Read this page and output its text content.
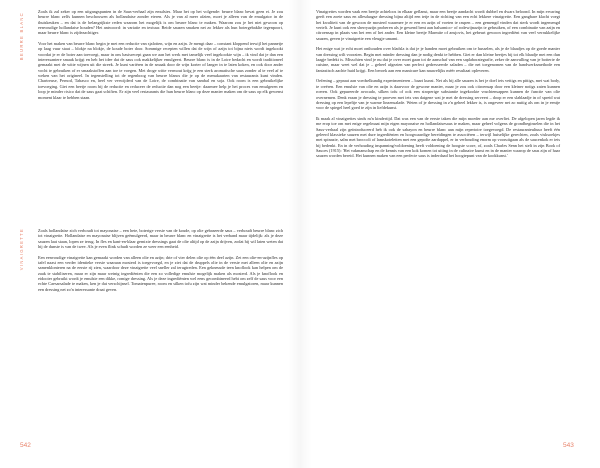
BEURRE BLANC
VINAIGRETTE

Zoals ik zal zeker op een uitgangspunten in de Saus-verhaal zijn emulsies. Maar het op het volgende: beurre blanc bevat geen ei. Je zou beurre blanc zelfs kunnen beschouwen als hollandaise zonder eieren. Als je van al meer afzien, moet je alleen van de emulgator in de thuiskeuken – en dat is de belangrijkste reden waarom het mogelijk is om beurre blanc te maken. Waarom zou je het niet gewoon op eenvoudige hollandaise houden? Het antwoord: in variatie en textuur. Beide sauzen smaken net zo lekker als hun botergebaklte tegenpoort, maar beurre blanc is zijdezachtiger.

Voor het maken van beurre blanc begin je met een reductie van sjalotten, wijn en azijn. Je mengt daar – constant kloppend terwijl het pannetje op laag vuur staat – blokje na blokje, de koude boter door. Sommige recepten willen dat de wijn of azijn tot bijna niets wordt ingekookt voordat je er de boter aan toevoegt, maar in ons basisrecept gaan we aan het werk met tamelijk veel ingekookte wijn – ik vind dat je dan een interessantere smaak krijgt en heb het idee dat de saus ook makkelijker emulgeert. Beurre blanc is in de Loire bedacht en wordt traditioneel gemaakt met de witte wijnen uit die streek. Je kunt variëren in de smaak door de wijn korter of langer in te laten koken, en ook door ander vocht te gebruiken of er smaakstoffen aan toe te voegen. Met droge witte vermout krijg je een sterk aromatische saus zonder al te veel af te weken van het origineel. In tegenstelling tot de regenboog van beurre blancs die je op de menukaarten van restaurants kunt vinden. Chartreuse, Pernod, Tabasco en, heel ver verwijderd van de Loire, de combinatie van sambal en soja. Ook room is een gebruikelijke toevoeging. Giet een beetje room bij de reductie en reduceer de reductie dan nog een beetje: daarmee help je het proces van emulgeren en loop je minder risico dat de saus gaat schiften. Er zijn veel restaurants die hun beurre blanc op deze manier maken om de saus op elk gewenst moment klaar te hebben staan.

Zoals hollandaise zich verhoudt tot mayonaise – een hete, boterige versie van de koude, op olie gebaseerde saus – verhoudt beurre blanc zich tot vinaigrette. Hollandaise en mayonaise blijven geëmulgeerd, maar in beurre blanc en vinaigrette is het verband maar tijdelijk: als je deze sauzen laat staan, lopen ze terug. In fles en kant-en-klaar gemixte dressings gaat de olie altijd op de azijn drijven, zodat hij wil laten weten dat hij de dunste is van de twee. Als je even flink schudt worden ze weer een eenheid.

Een eenvoudige vinaigrette kan gemaakt worden van alleen olie en azijn; drie of vier delen olie op één deel azijn. Zet een olie-en-azijnfles op tafel naast een verder identieke versie waaraan mosterd is toegevoegd, en je ziet dat de druppels olie in de versie met alleen olie en azijn samenklonteren na de eerste rij zien, waardoor deze vinaigrette veel sneller zal terugtreden. Een gekneusde teen knoflook kan helpen om de zaak te stabiliseren, maar er zijn maar weinig ingrediënten die een zo volledige emulsie mogelijk maken als mosterd. Als je knoflook en eidooier gebruikt wordt je emulsie een dikke, romige dressing. Als je deze ingrediënten wel eens gecombineerd hebt om zelf de saus voor een echte Caesarsalade te maken, ken je dat verschijnsel. Tomatenpuree, room en silken tofu zijn wat minder bekende emulgatoren, maar kunnen een dressing net zo'n interessante draai geven.

Vinaigrettes worden vaak een beetje achteloos in elkaar geflanst, maar een beetje aandacht wordt dubbel en dwars beloond. In mijn ervaring geeft een zoete saus en allesdaagse dressing bijna altijd een tetje in de richting van een echt lekkere vinaigrette. Een gangbare klacht voegt het kwaliteit van de gewoon de mosterd waarmee je er een en azijn of voeten te raspen – een gemengd vinden dat sterk wordt ingemengd vertelt. Je kunt ook een sherryazijn proberen als je gewend bent aan balsamico- of rodewijnazijn te gebruiken, of een combinatie van azijn en citroensap in plaats van het een of het ander. Een kleine beetje Marmite of ansjovis, het gebeurt gewoon ingrediënt van veel verrukkelijke sauzen, geven je vinaigrette een vleugje umami.

Het enige wat je echt moet onthouden over bladsla is dat je je handen moet gebruiken om te husselen, als je de blaadjes op de goede manier van dressing wilt voorzien. Begin met minder dressing dan je nodig denkt te hebben. Giet er dan kleine beetjes bij tot elk blaadje met een dun laagje bedekt is. Misschien vind je nu dat je over moet gaan tot de aanschaf van een saplaborategrafie, zeker de aanvulling van je botterie de cuisine, maar weet wel dat je – geheel afgezien van perfect gedresseerde saladen – die net toegenomen van de handwerksmethode een fantastisch aachte huid krijgt. Een beroek aan een manicure kan nauwelijks méér resultaat opleveren.

Oefening – gepraat aan voedselkundig experimenteren – baart kunst. Net als bij alle sauzen is het je doel iets vettigs en pittigs, met wat body, te creëren. Een emulsie van olie en azijn is daarvoor de gewone manier, maar je zou ook citroensap door een kleiner notigs zaten kunnen roeren. Ook gepureerde avocado, silken tofu of ook een stroperige substantie ingekookte vruchtensappen kunnen de functie van olie overnemen. Denk eraan je dressing te proeven met iets van datgene wat je met de dressing serveert – doop er een slablaadje in of spreid wat dressing op een lepeltje van je warme linzensalade. Weten of je dressing in z'n geheel lekker is, is ongeveer net zo nuttig als om in je eentje voor de spiegel heel goed te zijn in liefdekunst.

Ik maak al vinaigrettes sinds m'n kindertijd. Dat was een van de eerste taken die mijn moeder aan me overliet. De afgelopen jaren legde ik me erop toe om met enige regelmaat mijn eigen mayonaise en hollandaisesaus te maken, maar geheel volgens de grondbeginselen die in het Saus-verhaal zijn geïntroduceerd heb ik ook de sabayon en beurre blanc aan mijn repertoire toegevoegd. De restauranteultuur heeft één geleerd klassieke sauzen met dure ingrediënten en hoogwaardige bereidingen te associëren – terwijl huiselijke gerechten, zoals visksoekjes met spinazie, salm met broccoli of lamskoteletten met een gepofte aardappel, er in verhouding enorm op vooruitgaan als de saucenkok er iets bij bedenkt. En in de verhouding inspanning/voldoening heeft voldoening de hoogste score, of, zoals Charles Senn het stelt in zijn Book of Sauces (1915): 'Het vakmanschap en de kennis van een kok komen tot uiting in de culinaire kunst en in de manier waarop de saus zijn of haar sauzen worden bereid. Het kunnen maken van een perfecte saus is inderdaad het hoogtepunt van de kookkunst.'

542	543
